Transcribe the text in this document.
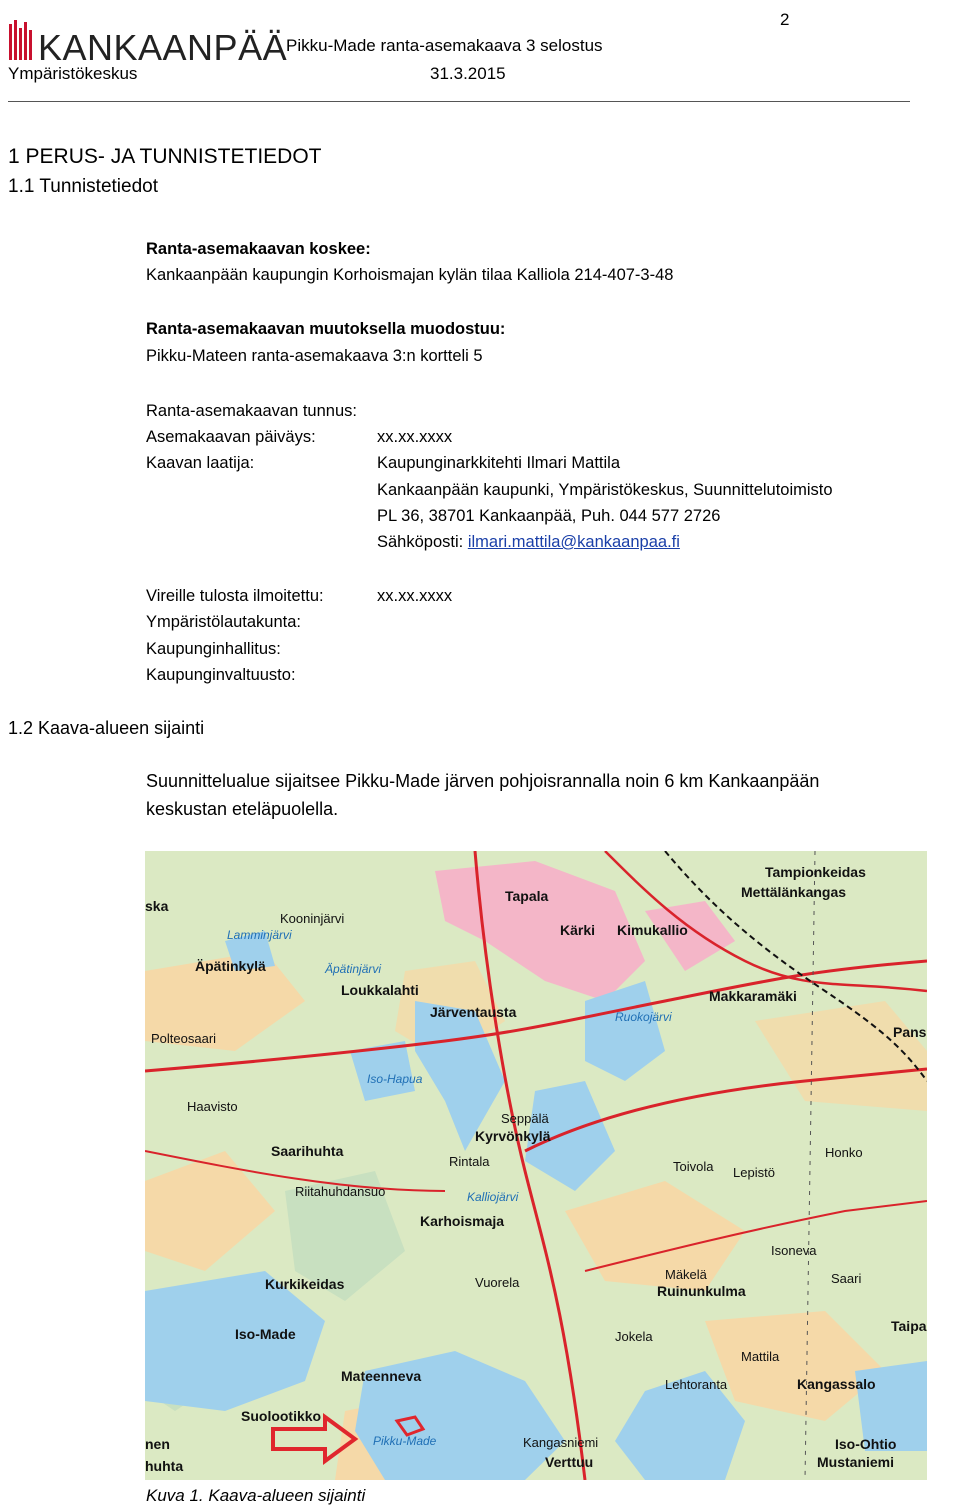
2
KANKAANPÄÄ
Ympäristökeskus
Pikku-Made ranta-asemakaava 3 selostus
31.3.2015
1 PERUS- JA TUNNISTETIEDOT
1.1 Tunnistetiedot
Ranta-asemakaavan koskee:
Kankaanpään kaupungin Korhoismajan kylän tilaa Kalliola 214-407-3-48
Ranta-asemakaavan muutoksella muodostuu:
Pikku-Mateen ranta-asemakaava 3:n kortteli 5
Ranta-asemakaavan tunnus:
Asemakaavan päiväys:	xx.xx.xxxx
Kaavan laatija:	Kaupunginarkkitehti Ilmari Mattila
Kankaanpään kaupunki, Ympäristökeskus, Suunnittelutoimisto
PL 36, 38701 Kankaanpää, Puh. 044 577 2726
Sähköposti: ilmari.mattila@kankaanpaa.fi
Vireille tulosta ilmoitettu:	xx.xx.xxxx
Ympäristölautakunta:
Kaupunginhallitus:
Kaupunginvaltuusto:
1.2 Kaava-alueen sijainti
Suunnittelualue sijaitsee Pikku-Made järven pohjoisrannalla noin 6 km Kankaanpään
keskustan eteläpuolella.
Tampionkeidas
Mettälänkangas
Tapala
Kärki Kimukallio
Kooninjärvi
Lamminjärvi
Äpätinkylä	Äpätinjärvi
Loukkalahti
Järventausta	Ruokojärvi
Makkaramäki
Pans
Polteosaari
Haavisto
Iso-Hapua
Seppälä
Kyrvönkylä
Saarihuhta
Rintala	Toivola Lepistö
Honko
Riitahuhdansuo	Kalliojärvi
Karhoismaja
Isoneva
Saari
Kurkikeidas	Vuorela
Mäkelä
Ruinunkulma
Taipa
Iso-Made	Jokela
Mattila
Mateennevа
Lehtoranta	Kangassalo
Suolootikko
Pikku-Made	Kangasniemi	Iso-Ohtio
Verttuu	Mustaniemi
ska
nen
huhta
Kuva 1. Kaava-alueen sijainti
